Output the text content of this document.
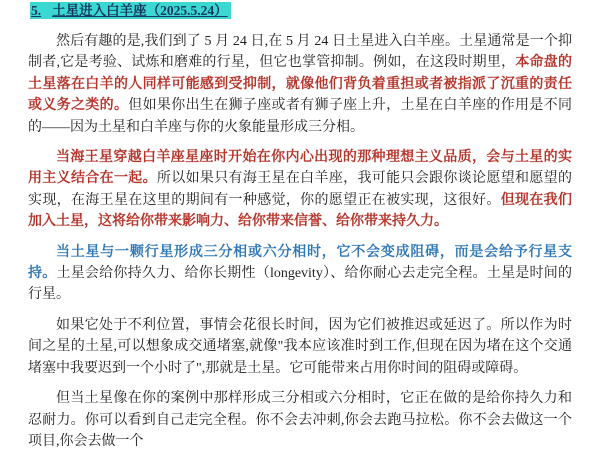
5. 土星进入白羊座（2025.5.24）

然后有趣的是,我们到了 5 月 24 日,在 5 月 24 日土星进入白羊座。土星通常是一个抑制者,它是考验、试炼和磨难的行星，但它也掌管抑制。例如，在这段时期里，本命盘的土星落在白羊的人同样可能感到受抑制，就像他们背负着重担或者被指派了沉重的责任或义务之类的。但如果你出生在狮子座或者有狮子座上升，土星在白羊座的作用是不同的——因为土星和白羊座与你的火象能量形成三分相。

当海王星穿越白羊座星座时开始在你内心出现的那种理想主义品质，会与土星的实用主义结合在一起。所以如果只有海王星在白羊座，我可能只会跟你谈论愿望和愿望的实现，在海王星在这里的期间有一种感觉，你的愿望正在被实现，这很好。但现在我们加入土星，这将给你带来影响力、给你带来信誉、给你带来持久力。

当土星与一颗行星形成三分相或六分相时，它不会变成阻碍，而是会给予行星支持。土星会给你持久力、给你长期性（longevity）、给你耐心去走完全程。土星是时间的行星。

如果它处于不利位置，事情会花很长时间，因为它们被推迟或延迟了。所以作为时间之星的土星,可以想象成交通堵塞,就像"我本应该准时到工作,但现在因为堵在这个交通堵塞中我要迟到一个小时了",那就是土星。它可能带来占用你时间的阻碍或障碍。

但当土星像在你的案例中那样形成三分相或六分相时，它正在做的是给你持久力和忍耐力。你可以看到自己走完全程。你不会去冲刺,你会去跑马拉松。你不会去做这一个项目,你会去做一个
